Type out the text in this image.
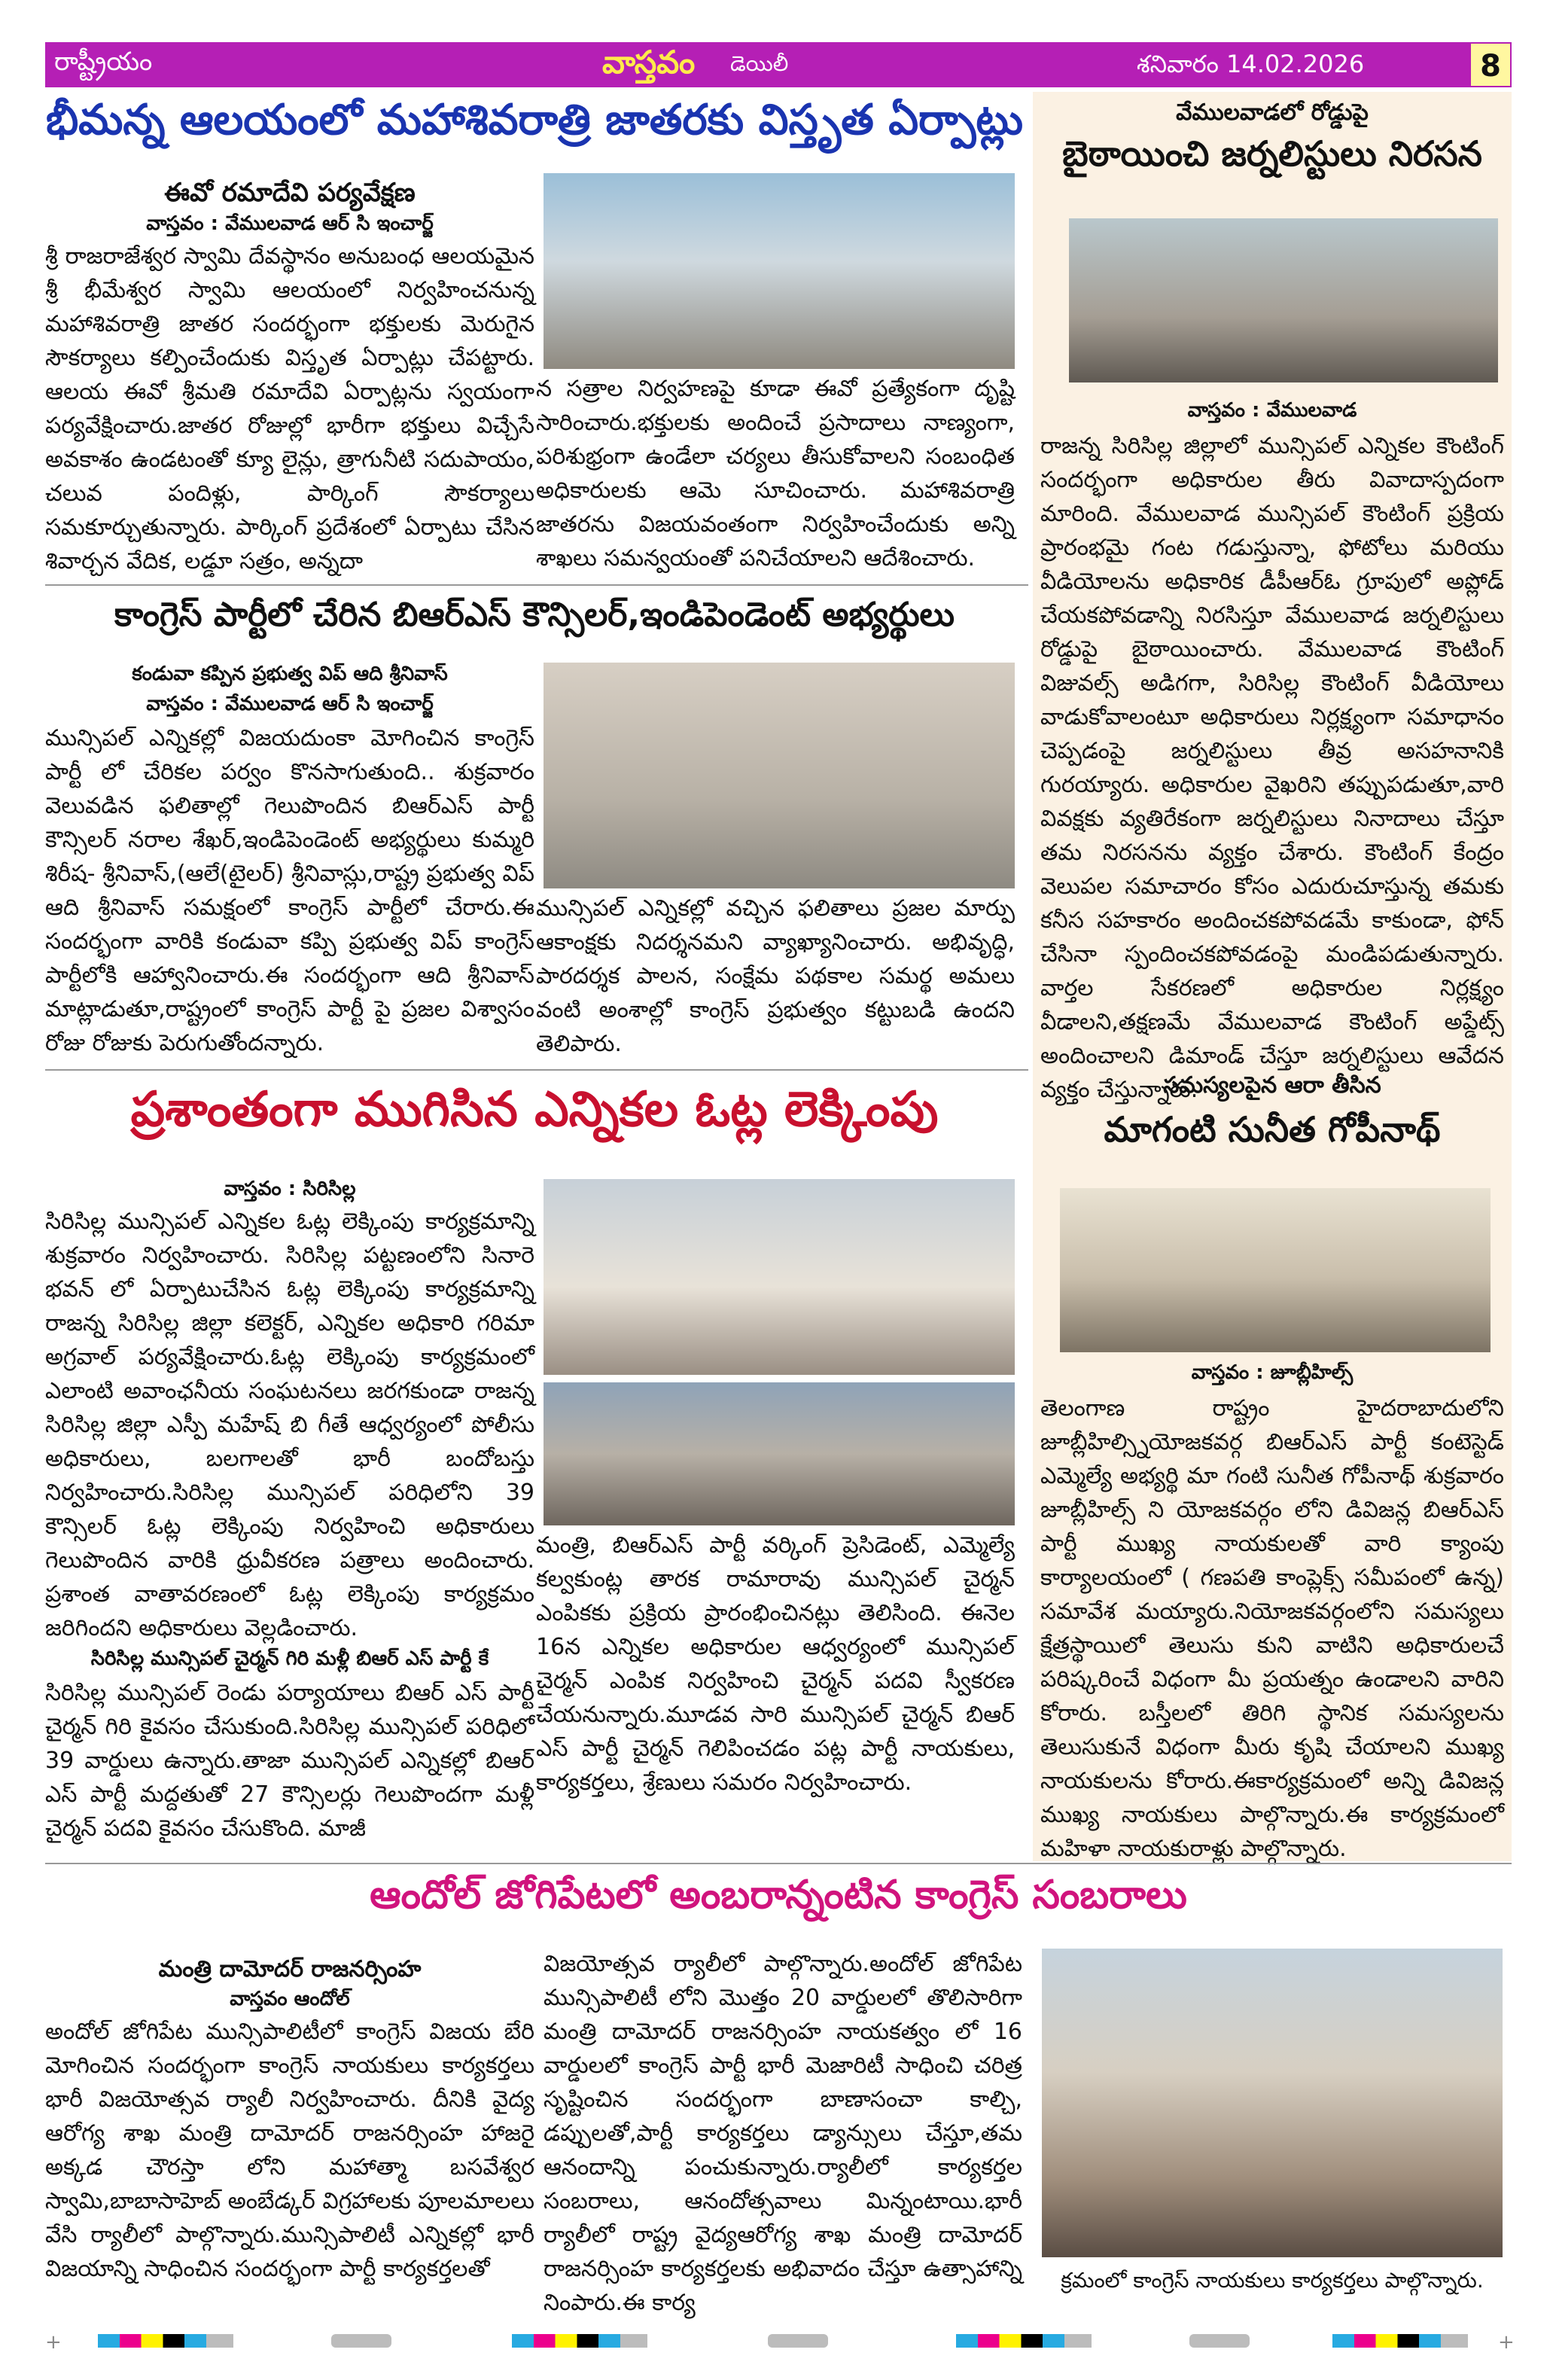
రాష్ట్రీయం	వాస్తవం డెయిలీ	శనివారం 14.02.2026	8
భీమన్న ఆలయంలో మహాశివరాత్రి జాతరకు విస్తృత ఏర్పాట్లు
ఈవో రమాదేవి పర్యవేక్షణ
వాస్తవం : వేములవాడ ఆర్ సి ఇంచార్జ్
శ్రీ రాజరాజేశ్వర స్వామి దేవస్థానం అనుబంధ ఆలయమైన శ్రీ భీమేశ్వర స్వామి ఆలయంలో నిర్వహించనున్న మహాశివరాత్రి జాతర సందర్భంగా భక్తులకు మెరుగైన సౌకర్యాలు కల్పించేందుకు విస్తృత ఏర్పాట్లు చేపట్టారు. ఆలయ ఈవో శ్రీమతి రమాదేవి ఏర్పాట్లను స్వయంగా పర్యవేక్షించారు.జాతర రోజుల్లో భారీగా భక్తులు విచ్చేసే అవకాశం ఉండటంతో క్యూ లైన్లు, త్రాగునీటి సదుపాయం, చలువ పందిళ్లు, పార్కింగ్ సౌకర్యాలు సమకూర్చుతున్నారు. పార్కింగ్ ప్రదేశంలో ఏర్పాటు చేసిన శివార్చన వేదిక, లడ్డూ సత్రం, అన్నదా
న సత్రాల నిర్వహణపై కూడా ఈవో ప్రత్యేకంగా దృష్టి సారించారు.భక్తులకు అందించే ప్రసాదాలు నాణ్యంగా, పరిశుభ్రంగా ఉండేలా చర్యలు తీసుకోవాలని సంబంధిత అధికారులకు ఆమె సూచించారు. మహాశివరాత్రి జాతరను విజయవంతంగా నిర్వహించేందుకు అన్ని శాఖలు సమన్వయంతో పనిచేయాలని ఆదేశించారు.
కాంగ్రెస్ పార్టీలో చేరిన బిఆర్ఎస్ కౌన్సిలర్,ఇండిపెండెంట్ అభ్యర్థులు
కండువా కప్పిన ప్రభుత్వ విప్ ఆది శ్రీనివాస్
వాస్తవం : వేములవాడ ఆర్ సి ఇంచార్జ్
మున్సిపల్ ఎన్నికల్లో విజయదుంకా మోగించిన కాంగ్రెస్ పార్టీ లో చేరికల పర్వం కొనసాగుతుంది.. శుక్రవారం వెలువడిన ఫలితాల్లో గెలుపొందిన బిఆర్ఎస్ పార్టీ కౌన్సిలర్ నరాల శేఖర్,ఇండిపెండెంట్ అభ్యర్థులు కుమ్మరి శిరీష- శ్రీనివాస్,(ఆలే(టైలర్) శ్రీనివాస్లు,రాష్ట్ర ప్రభుత్వ విప్ ఆది శ్రీనివాస్ సమక్షంలో కాంగ్రెస్ పార్టీలో చేరారు.ఈ సందర్భంగా వారికి కండువా కప్పి ప్రభుత్వ విప్ కాంగ్రెస్ పార్టీలోకి ఆహ్వానించారు.ఈ సందర్భంగా ఆది శ్రీనివాస్ మాట్లాడుతూ,రాష్ట్రంలో కాంగ్రెస్ పార్టీ పై ప్రజల విశ్వాసం రోజు రోజుకు పెరుగుతోందన్నారు.
మున్సిపల్ ఎన్నికల్లో వచ్చిన ఫలితాలు ప్రజల మార్పు ఆకాంక్షకు నిదర్శనమని వ్యాఖ్యానించారు. అభివృద్ధి, పారదర్శక పాలన, సంక్షేమ పథకాల సమర్థ అమలు వంటి అంశాల్లో కాంగ్రెస్ ప్రభుత్వం కట్టుబడి ఉందని తెలిపారు.
ప్రశాంతంగా ముగిసిన ఎన్నికల ఓట్ల లెక్కింపు
వాస్తవం : సిరిసిల్ల
సిరిసిల్ల మున్సిపల్ ఎన్నికల ఓట్ల లెక్కింపు కార్యక్రమాన్ని శుక్రవారం నిర్వహించారు. సిరిసిల్ల పట్టణంలోని సినారె భవన్ లో ఏర్పాటుచేసిన ఓట్ల లెక్కింపు కార్యక్రమాన్ని రాజన్న సిరిసిల్ల జిల్లా కలెక్టర్, ఎన్నికల అధికారి గరిమా అగ్రవాల్ పర్యవేక్షించారు.ఓట్ల లెక్కింపు కార్యక్రమంలో ఎలాంటి అవాంఛనీయ సంఘటనలు జరగకుండా రాజన్న సిరిసిల్ల జిల్లా ఎస్పీ మహేష్ బి గీతే ఆధ్వర్యంలో పోలీసు అధికారులు, బలగాలతో భారీ బందోబస్తు నిర్వహించారు.సిరిసిల్ల మున్సిపల్ పరిధిలోని 39 కౌన్సిలర్ ఓట్ల లెక్కింపు నిర్వహించి అధికారులు గెలుపొందిన వారికి ధ్రువీకరణ పత్రాలు అందించారు. ప్రశాంత వాతావరణంలో ఓట్ల లెక్కింపు కార్యక్రమం జరిగిందని అధికారులు వెల్లడించారు.
సిరిసిల్ల మున్సిపల్ చైర్మన్ గిరి మళ్లీ బిఆర్ ఎస్ పార్టీ కే
సిరిసిల్ల మున్సిపల్ రెండు పర్యాయాలు బిఆర్ ఎస్ పార్టీ చైర్మన్ గిరి కైవసం చేసుకుంది.సిరిసిల్ల మున్సిపల్ పరిధిలో 39 వార్డులు ఉన్నారు.తాజా మున్సిపల్ ఎన్నికల్లో బిఆర్ ఎస్ పార్టీ మద్దతుతో 27 కౌన్సిలర్లు గెలుపొందగా మళ్లీ చైర్మన్ పదవి కైవసం చేసుకొంది. మాజీ
మంత్రి, బిఆర్ఎస్ పార్టీ వర్కింగ్ ప్రెసిడెంట్, ఎమ్మెల్యే కల్వకుంట్ల తారక రామారావు మున్సిపల్ చైర్మన్ ఎంపికకు ప్రక్రియ ప్రారంభించినట్లు తెలిసింది. ఈనెల 16న ఎన్నికల అధికారుల ఆధ్వర్యంలో మున్సిపల్ చైర్మన్ ఎంపిక నిర్వహించి చైర్మన్ పదవి స్వీకరణ చేయనున్నారు.మూడవ సారి మున్సిపల్ చైర్మన్ బిఆర్ ఎస్ పార్టీ చైర్మన్ గెలిపించడం పట్ల పార్టీ నాయకులు, కార్యకర్తలు, శ్రేణులు సమరం నిర్వహించారు.
వేములవాడలో రోడ్డుపై
బైఠాయించి జర్నలిస్టులు నిరసన
వాస్తవం : వేములవాడ
రాజన్న సిరిసిల్ల జిల్లాలో మున్సిపల్ ఎన్నికల కౌంటింగ్ సందర్భంగా అధికారుల తీరు వివాదాస్పదంగా మారింది. వేములవాడ మున్సిపల్ కౌంటింగ్ ప్రక్రియ ప్రారంభమై గంట గడుస్తున్నా, ఫోటోలు మరియు వీడియోలను అధికారిక డీపీఆర్ఓ గ్రూపులో అప్లోడ్ చేయకపోవడాన్ని నిరసిస్తూ వేములవాడ జర్నలిస్టులు రోడ్డుపై బైఠాయించారు. వేములవాడ కౌంటింగ్ విజువల్స్ అడిగగా, సిరిసిల్ల కౌంటింగ్ వీడియోలు వాడుకోవాలంటూ అధికారులు నిర్లక్ష్యంగా సమాధానం చెప్పడంపై జర్నలిస్టులు తీవ్ర అసహనానికి గురయ్యారు. అధికారుల వైఖరిని తప్పుపడుతూ,వారి వివక్షకు వ్యతిరేకంగా జర్నలిస్టులు నినాదాలు చేస్తూ తమ నిరసనను వ్యక్తం చేశారు. కౌంటింగ్ కేంద్రం వెలుపల సమాచారం కోసం ఎదురుచూస్తున్న తమకు కనీస సహకారం అందించకపోవడమే కాకుండా, ఫోన్ చేసినా స్పందించకపోవడంపై మండిపడుతున్నారు. వార్తల సేకరణలో అధికారుల నిర్లక్ష్యం వీడాలని,తక్షణమే వేములవాడ కౌంటింగ్ అప్డేట్స్ అందించాలని డిమాండ్ చేస్తూ జర్నలిస్టులు ఆవేదన వ్యక్తం చేస్తున్నారు.
సమస్యలపైన ఆరా తీసిన
మాగంటి సునీత గోపీనాథ్
వాస్తవం : జూబ్లీహిల్స్
తెలంగాణ రాష్ట్రం హైదరాబాదులోని జూబ్లీహిల్స్నియోజకవర్గ బిఆర్ఎస్ పార్టీ కంటెస్టెడ్ ఎమ్మెల్యే అభ్యర్థి మా గంటి సునీత గోపీనాథ్ శుక్రవారం జూబ్లీహిల్స్ ని యోజకవర్గం లోని డివిజన్ల బిఆర్ఎస్ పార్టీ ముఖ్య నాయకులతో వారి క్యాంపు కార్యాలయంలో ( గణపతి కాంప్లెక్స్ సమీపంలో ఉన్న) సమావేశ మయ్యారు.నియోజకవర్గంలోని సమస్యలు క్షేత్రస్థాయిలో తెలుసు కుని వాటిని అధికారులచే పరిష్కరించే విధంగా మీ ప్రయత్నం ఉండాలని వారిని కోరారు. బస్తీలలో తిరిగి స్థానిక సమస్యలను తెలుసుకునే విధంగా మీరు కృషి చేయాలని ముఖ్య నాయకులను కోరారు.ఈకార్యక్రమంలో అన్ని డివిజన్ల ముఖ్య నాయకులు పాల్గొన్నారు.ఈ కార్యక్రమంలో మహిళా నాయకురాళ్లు పాల్గొన్నారు.
ఆందోల్ జోగిపేటలో అంబరాన్నంటిన కాంగ్రెస్ సంబరాలు
మంత్రి దామోదర్ రాజనర్సింహ
వాస్తవం ఆందోల్
అందోల్ జోగిపేట మున్సిపాలిటీలో కాంగ్రెస్ విజయ బేరి మోగించిన సందర్భంగా కాంగ్రెస్ నాయకులు కార్యకర్తలు భారీ విజయోత్సవ ర్యాలీ నిర్వహించారు. దీనికి వైద్య ఆరోగ్య శాఖ మంత్రి దామోదర్ రాజనర్సింహ హాజరై అక్కడ చౌరస్తా లోని మహాత్మా బసవేశ్వర స్వామి,బాబాసాహెబ్ అంబేడ్కర్ విగ్రహాలకు పూలమాలలు వేసి ర్యాలీలో పాల్గొన్నారు.మున్సిపాలిటీ ఎన్నికల్లో భారీ విజయాన్ని సాధించిన సందర్భంగా పార్టీ కార్యకర్తలతో
విజయోత్సవ ర్యాలీలో పాల్గొన్నారు.అందోల్ జోగిపేట మున్సిపాలిటీ లోని మొత్తం 20 వార్డులలో తొలిసారిగా మంత్రి దామోదర్ రాజనర్సింహ నాయకత్వం లో 16 వార్డులలో కాంగ్రెస్ పార్టీ భారీ మెజారిటీ సాధించి చరిత్ర సృష్టించిన సందర్భంగా బాణాసంచా కాల్చి, డప్పులతో,పార్టీ కార్యకర్తలు డ్యాన్సులు చేస్తూ,తమ ఆనందాన్ని పంచుకున్నారు.ర్యాలీలో కార్యకర్తల సంబరాలు, ఆనందోత్సవాలు మిన్నంటాయి.భారీ ర్యాలీలో రాష్ట్ర వైద్యఆరోగ్య శాఖ మంత్రి దామోదర్ రాజనర్సింహ కార్యకర్తలకు అభివాదం చేస్తూ ఉత్సాహాన్ని నింపారు.ఈ కార్య
క్రమంలో కాంగ్రెస్ నాయకులు కార్యకర్తలు పాల్గొన్నారు.
+	+
